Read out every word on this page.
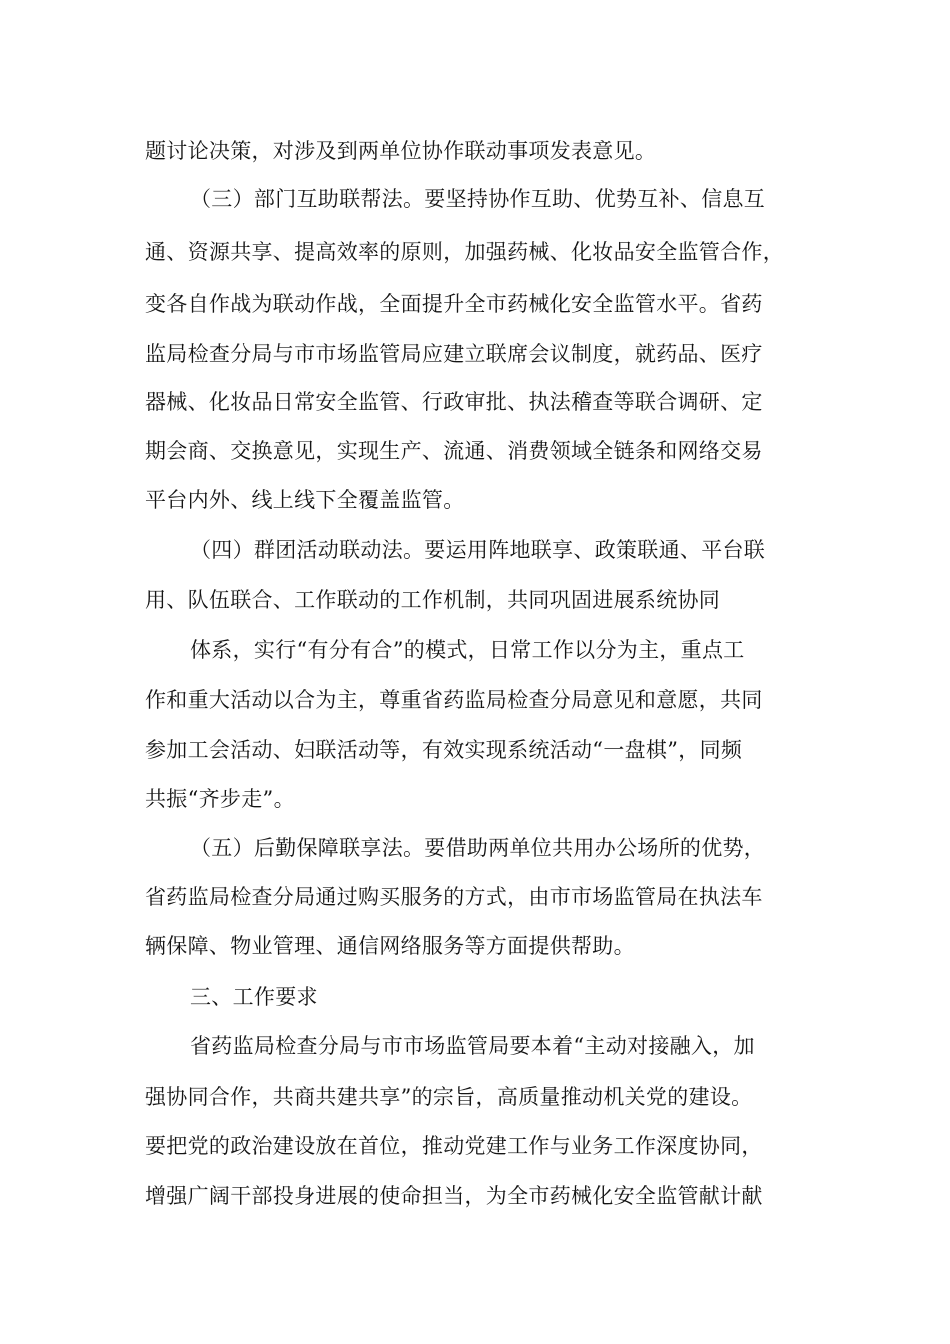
题讨论决策，对涉及到两单位协作联动事项发表意见。
（三）部门互助联帮法。要坚持协作互助、优势互补、信息互
通、资源共享、提高效率的原则，加强药械、化妆品安全监管合作，
变各自作战为联动作战，全面提升全市药械化安全监管水平。省药
监局检查分局与市市场监管局应建立联席会议制度，就药品、医疗
器械、化妆品日常安全监管、行政审批、执法稽查等联合调研、定
期会商、交换意见，实现生产、流通、消费领域全链条和网络交易
平台内外、线上线下全覆盖监管。
（四）群团活动联动法。要运用阵地联享、政策联通、平台联
用、队伍联合、工作联动的工作机制，共同巩固进展系统协同
体系，实行“有分有合”的模式，日常工作以分为主，重点工
作和重大活动以合为主，尊重省药监局检查分局意见和意愿，共同
参加工会活动、妇联活动等，有效实现系统活动“一盘棋”，同频
共振“齐步走”。
（五）后勤保障联享法。要借助两单位共用办公场所的优势，
省药监局检查分局通过购买服务的方式，由市市场监管局在执法车
辆保障、物业管理、通信网络服务等方面提供帮助。
三、工作要求
省药监局检查分局与市市场监管局要本着“主动对接融入，加
强协同合作，共商共建共享”的宗旨，高质量推动机关党的建设。
要把党的政治建设放在首位，推动党建工作与业务工作深度协同，
增强广阔干部投身进展的使命担当，为全市药械化安全监管献计献
